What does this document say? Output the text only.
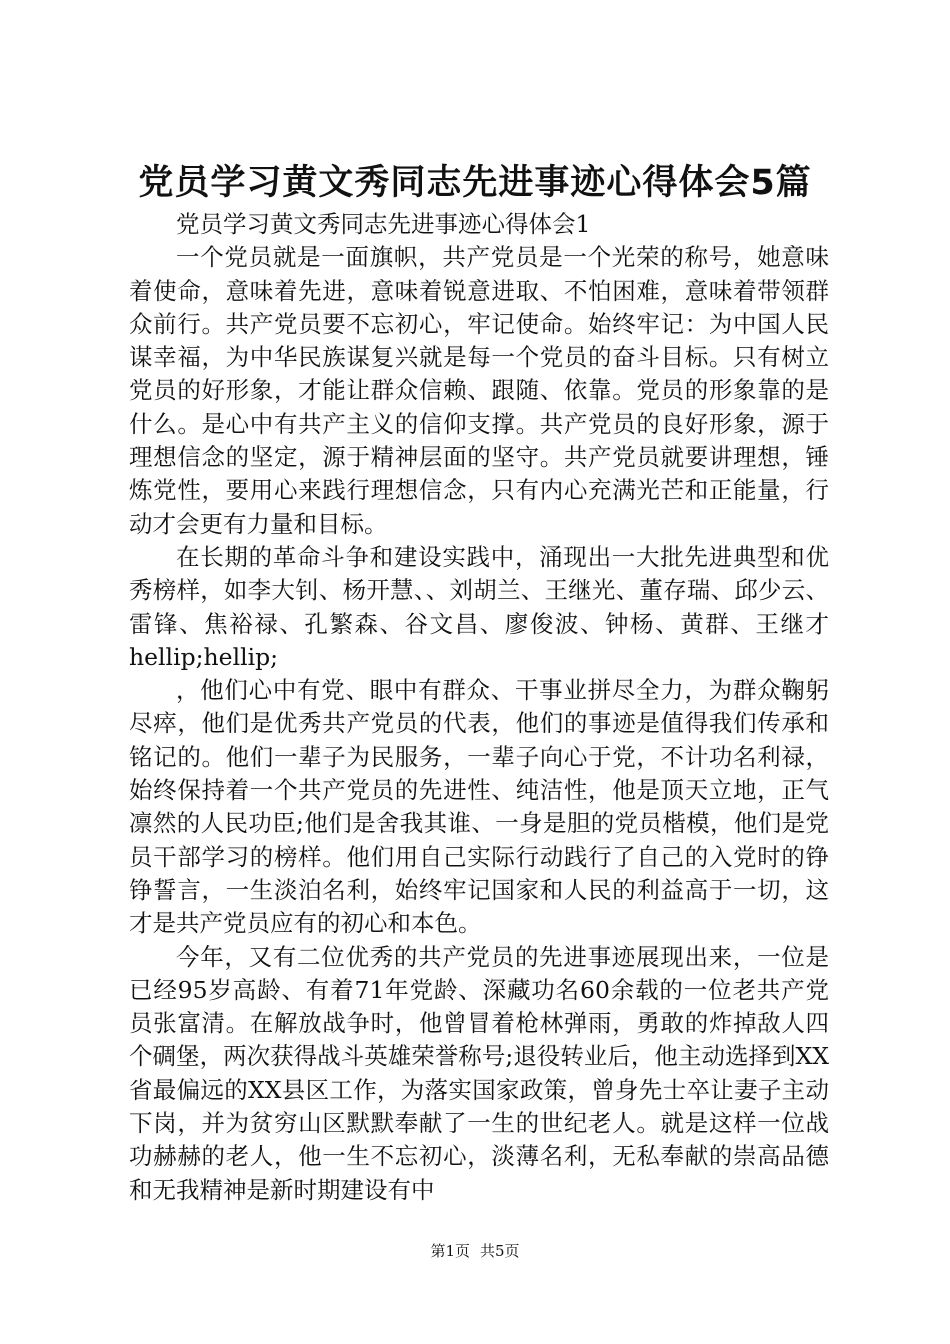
党员学习黄文秀同志先进事迹心得体会5篇

党员学习黄文秀同志先进事迹心得体会1

一个党员就是一面旗帜，共产党员是一个光荣的称号，她意味着使命，意味着先进，意味着锐意进取、不怕困难，意味着带领群众前行。共产党员要不忘初心，牢记使命。始终牢记：为中国人民谋幸福，为中华民族谋复兴就是每一个党员的奋斗目标。只有树立党员的好形象，才能让群众信赖、跟随、依靠。党员的形象靠的是什么。是心中有共产主义的信仰支撑。共产党员的良好形象，源于理想信念的坚定，源于精神层面的坚守。共产党员就要讲理想，锤炼党性，要用心来践行理想信念，只有内心充满光芒和正能量，行动才会更有力量和目标。

在长期的革命斗争和建设实践中，涌现出一大批先进典型和优秀榜样，如李大钊、杨开慧、、刘胡兰、王继光、董存瑞、邱少云、雷锋、焦裕禄、孔繁森、谷文昌、廖俊波、钟杨、黄群、王继才hellip;hellip;

，他们心中有党、眼中有群众、干事业拼尽全力，为群众鞠躬尽瘁，他们是优秀共产党员的代表，他们的事迹是值得我们传承和铭记的。他们一辈子为民服务，一辈子向心于党，不计功名利禄，始终保持着一个共产党员的先进性、纯洁性，他是顶天立地，正气凛然的人民功臣;他们是舍我其谁、一身是胆的党员楷模，他们是党员干部学习的榜样。他们用自己实际行动践行了自己的入党时的铮铮誓言，一生淡泊名利，始终牢记国家和人民的利益高于一切，这才是共产党员应有的初心和本色。

今年，又有二位优秀的共产党员的先进事迹展现出来，一位是已经95岁高龄、有着71年党龄、深藏功名60余载的一位老共产党员张富清。在解放战争时，他曾冒着枪林弹雨，勇敢的炸掉敌人四个碉堡，两次获得战斗英雄荣誉称号;退役转业后，他主动选择到XX省最偏远的XX县区工作，为落实国家政策，曾身先士卒让妻子主动下岗，并为贫穷山区默默奉献了一生的世纪老人。就是这样一位战功赫赫的老人，他一生不忘初心，淡薄名利，无私奉献的崇高品德和无我精神是新时期建设有中

第1页 共5页
